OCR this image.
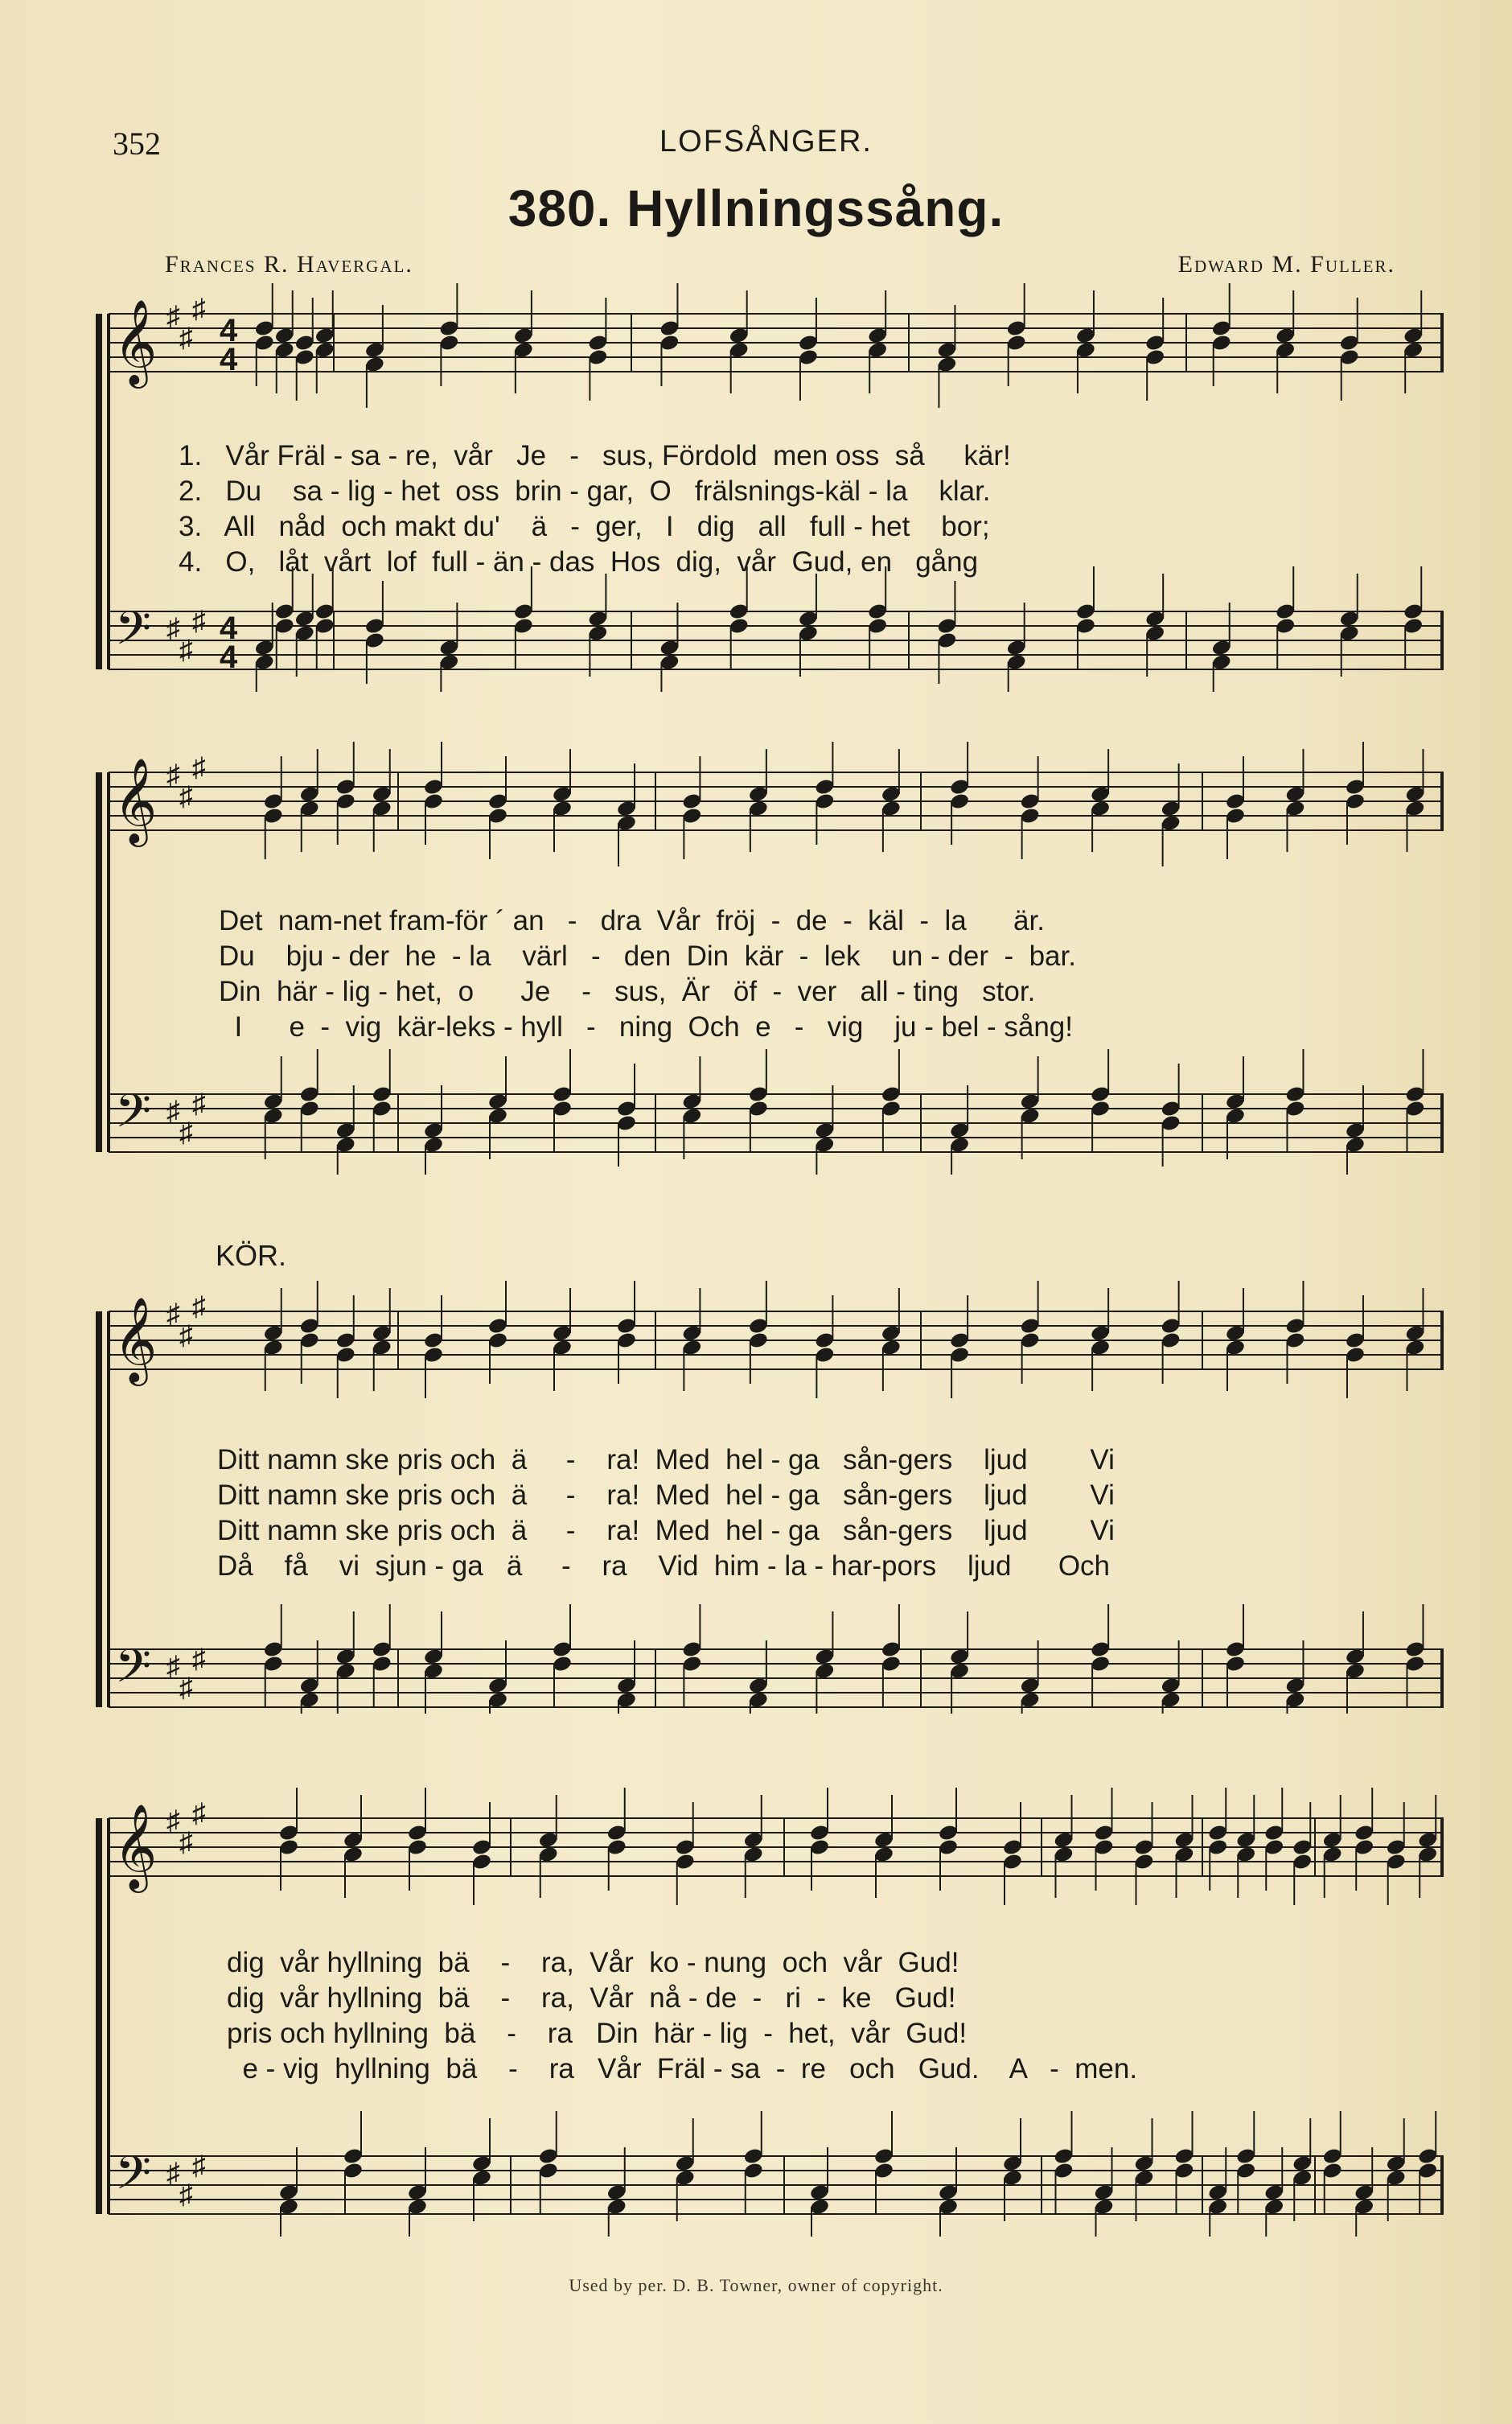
352	LOFSÅNGER.
380. Hyllningssång.
Frances R. Havergal.	Edward M. Fuller.
𝄞
𝄢
♯
♯
♯
♯
♯
♯
4
4
4
4
𝄞
𝄢
♯
♯
♯
♯
♯
♯
𝄞
𝄢
♯
♯
♯
♯
♯
♯
𝄞
𝄢
♯
♯
♯
♯
♯
♯
KÖR.
1.   Vår Fräl - sa - re,  vår   Je   -   sus, Fördold  men oss  så     kär!
2.   Du    sa - lig - het  oss  brin - gar,  O   frälsnings-käl - la    klar.
3.   All   nåd  och makt du'    ä   -  ger,   I   dig   all   full - het    bor;
4.   O,   låt  vårt  lof  full - än - das  Hos  dig,  vår  Gud, en   gång
Det  nam-net fram-för ´ an   -   dra  Vår  fröj  -  de  -  käl  -  la      är.
Du    bju - der  he  - la    värl   -   den  Din  kär  -  lek    un - der  -  bar.
Din  här - lig - het,  o      Je    -   sus,  Är   öf  -  ver   all - ting   stor.
I      e  -  vig  kär-leks - hyll   -   ning  Och  e   -   vig    ju - bel - sång!
Ditt namn ske pris och  ä     -    ra!  Med  hel - ga   sån-gers    ljud        Vi
Ditt namn ske pris och  ä     -    ra!  Med  hel - ga   sån-gers    ljud        Vi
Ditt namn ske pris och  ä     -    ra!  Med  hel - ga   sån-gers    ljud        Vi
Då    få    vi  sjun - ga   ä     -    ra    Vid  him - la - har-pors    ljud      Och
dig  vår hyllning  bä    -    ra,  Vår  ko - nung  och  vår  Gud!
dig  vår hyllning  bä    -    ra,  Vår  nå - de  -   ri  -  ke   Gud!
pris och hyllning  bä    -    ra   Din  här - lig  -  het,  vår  Gud!
e - vig  hyllning  bä    -    ra   Vår  Fräl - sa  -  re   och   Gud.    A   -  men.
Used by per. D. B. Towner, owner of copyright.
